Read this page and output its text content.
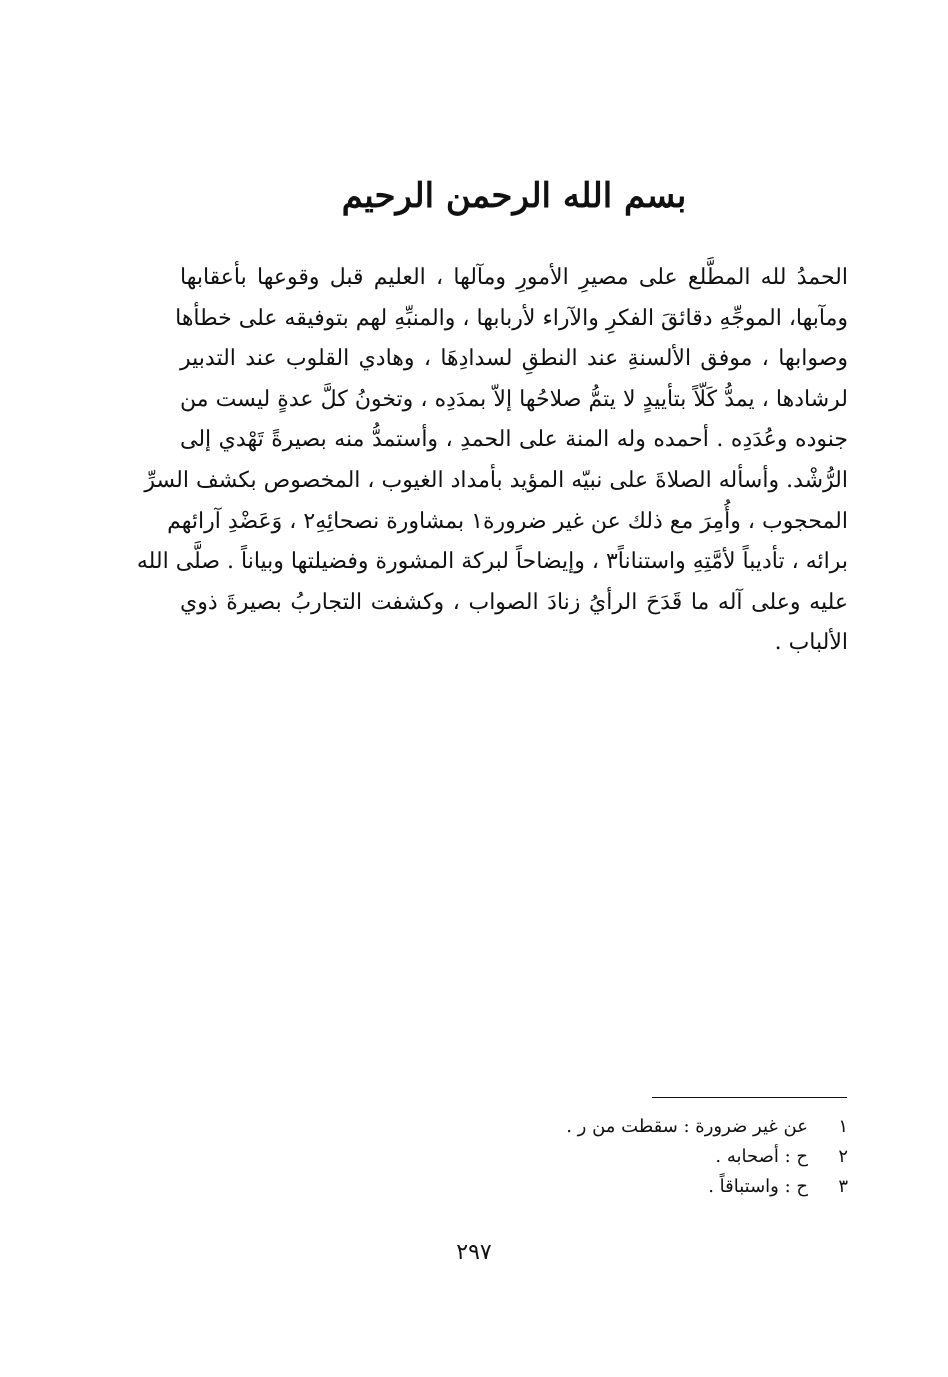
بسم الله الرحمن الرحيم
الحمدُ لله المطَّلع على مصيرِ الأمورِ ومآلها ، العليم قبل وقوعها بأعقابها
ومآبها، الموجِّهِ دقائقَ الفكرِ والآراء لأربابها ، والمنبِّهِ لهم بتوفيقه على خطأها
وصوابها ، موفق الألسنةِ عند النطقِ لسدادِهَا ، وهادي القلوب عند التدبير
لرشادها ، يمدُّ كَلّاً بتأييدٍ لا يتمُّ صلاحُها إلاّ بمدَدِه ، وتخونُ كلَّ عدةٍ ليست من
جنوده وعُدَدِه . أحمده وله المنة على الحمدِ ، وأستمدُّ منه بصيرةً تَهْدي إلى
الرُّشْد. وأسأله الصلاةَ على نبيّه المؤيد بأمداد الغيوب ، المخصوص بكشف السرِّ
المحجوب ، وأُمِرَ مع ذلك عن غير ضرورة١ بمشاورة نصحائِهِ٢ ، وَعَضْدِ آرائهم
برائه ، تأديباً لأمَّتِهِ واستناناً٣ ، وإيضاحاً لبركة المشورة وفضيلتها وبياناً . صلَّى الله
عليه وعلى آله ما قَدَحَ الرأيُ زنادَ الصواب ، وكشفت التجاربُ بصيرةَ ذوي
الألباب .
١
عن غير ضرورة : سقطت من ر .
٢
ح : أصحابه .
٣
ح : واستباقاً .
٢٩٧
